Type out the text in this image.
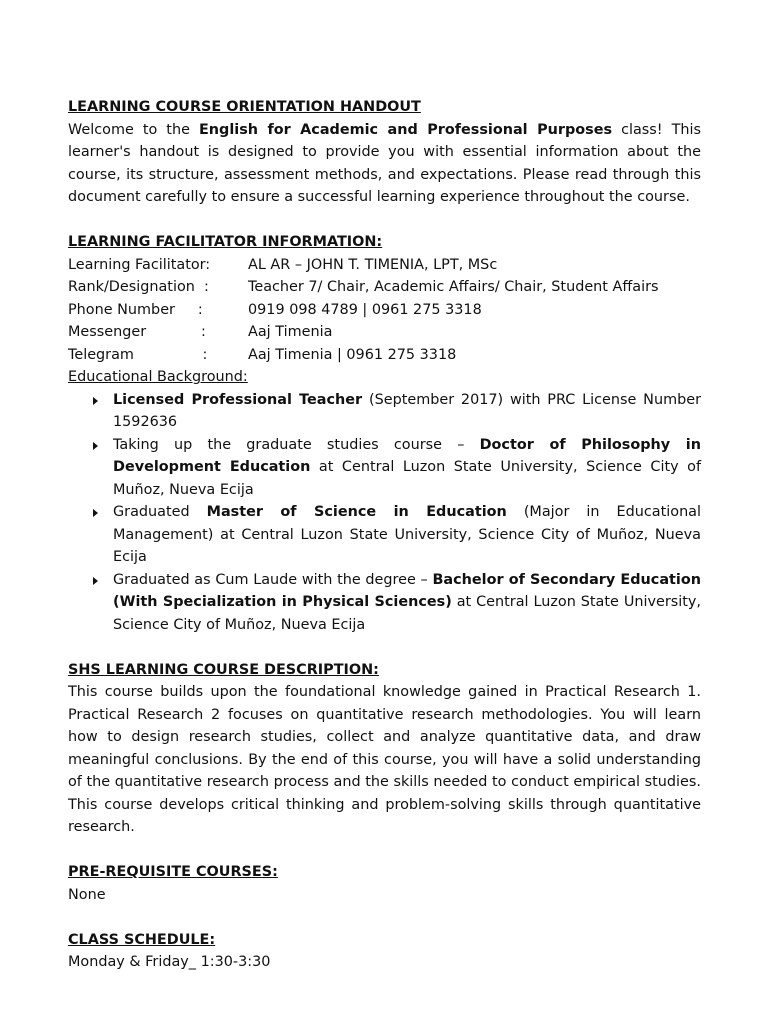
LEARNING COURSE ORIENTATION HANDOUT

Welcome to the English for Academic and Professional Purposes class! This learner's handout is designed to provide you with essential information about the course, its structure, assessment methods, and expectations. Please read through this document carefully to ensure a successful learning experience throughout the course.

LEARNING FACILITATOR INFORMATION:
Learning Facilitator:	AL AR – JOHN T. TIMENIA, LPT, MSc
Rank/Designation  :	Teacher 7/ Chair, Academic Affairs/ Chair, Student Affairs
Phone Number     :	0919 098 4789 | 0961 275 3318
Messenger            :	Aaj Timenia
Telegram               :	Aaj Timenia | 0961 275 3318
Educational Background:
Licensed Professional Teacher (September 2017) with PRC License Number 1592636
Taking up the graduate studies course – Doctor of Philosophy in Development Education at Central Luzon State University, Science City of Muñoz, Nueva Ecija
Graduated Master of Science in Education (Major in Educational Management) at Central Luzon State University, Science City of Muñoz, Nueva Ecija
Graduated as Cum Laude with the degree – Bachelor of Secondary Education (With Specialization in Physical Sciences) at Central Luzon State University, Science City of Muñoz, Nueva Ecija
SHS LEARNING COURSE DESCRIPTION:

This course builds upon the foundational knowledge gained in Practical Research 1. Practical Research 2 focuses on quantitative research methodologies. You will learn how to design research studies, collect and analyze quantitative data, and draw meaningful conclusions. By the end of this course, you will have a solid understanding of the quantitative research process and the skills needed to conduct empirical studies. This course develops critical thinking and problem-solving skills through quantitative research.

PRE-REQUISITE COURSES:

None

CLASS SCHEDULE:

Monday & Friday_ 1:30-3:30
